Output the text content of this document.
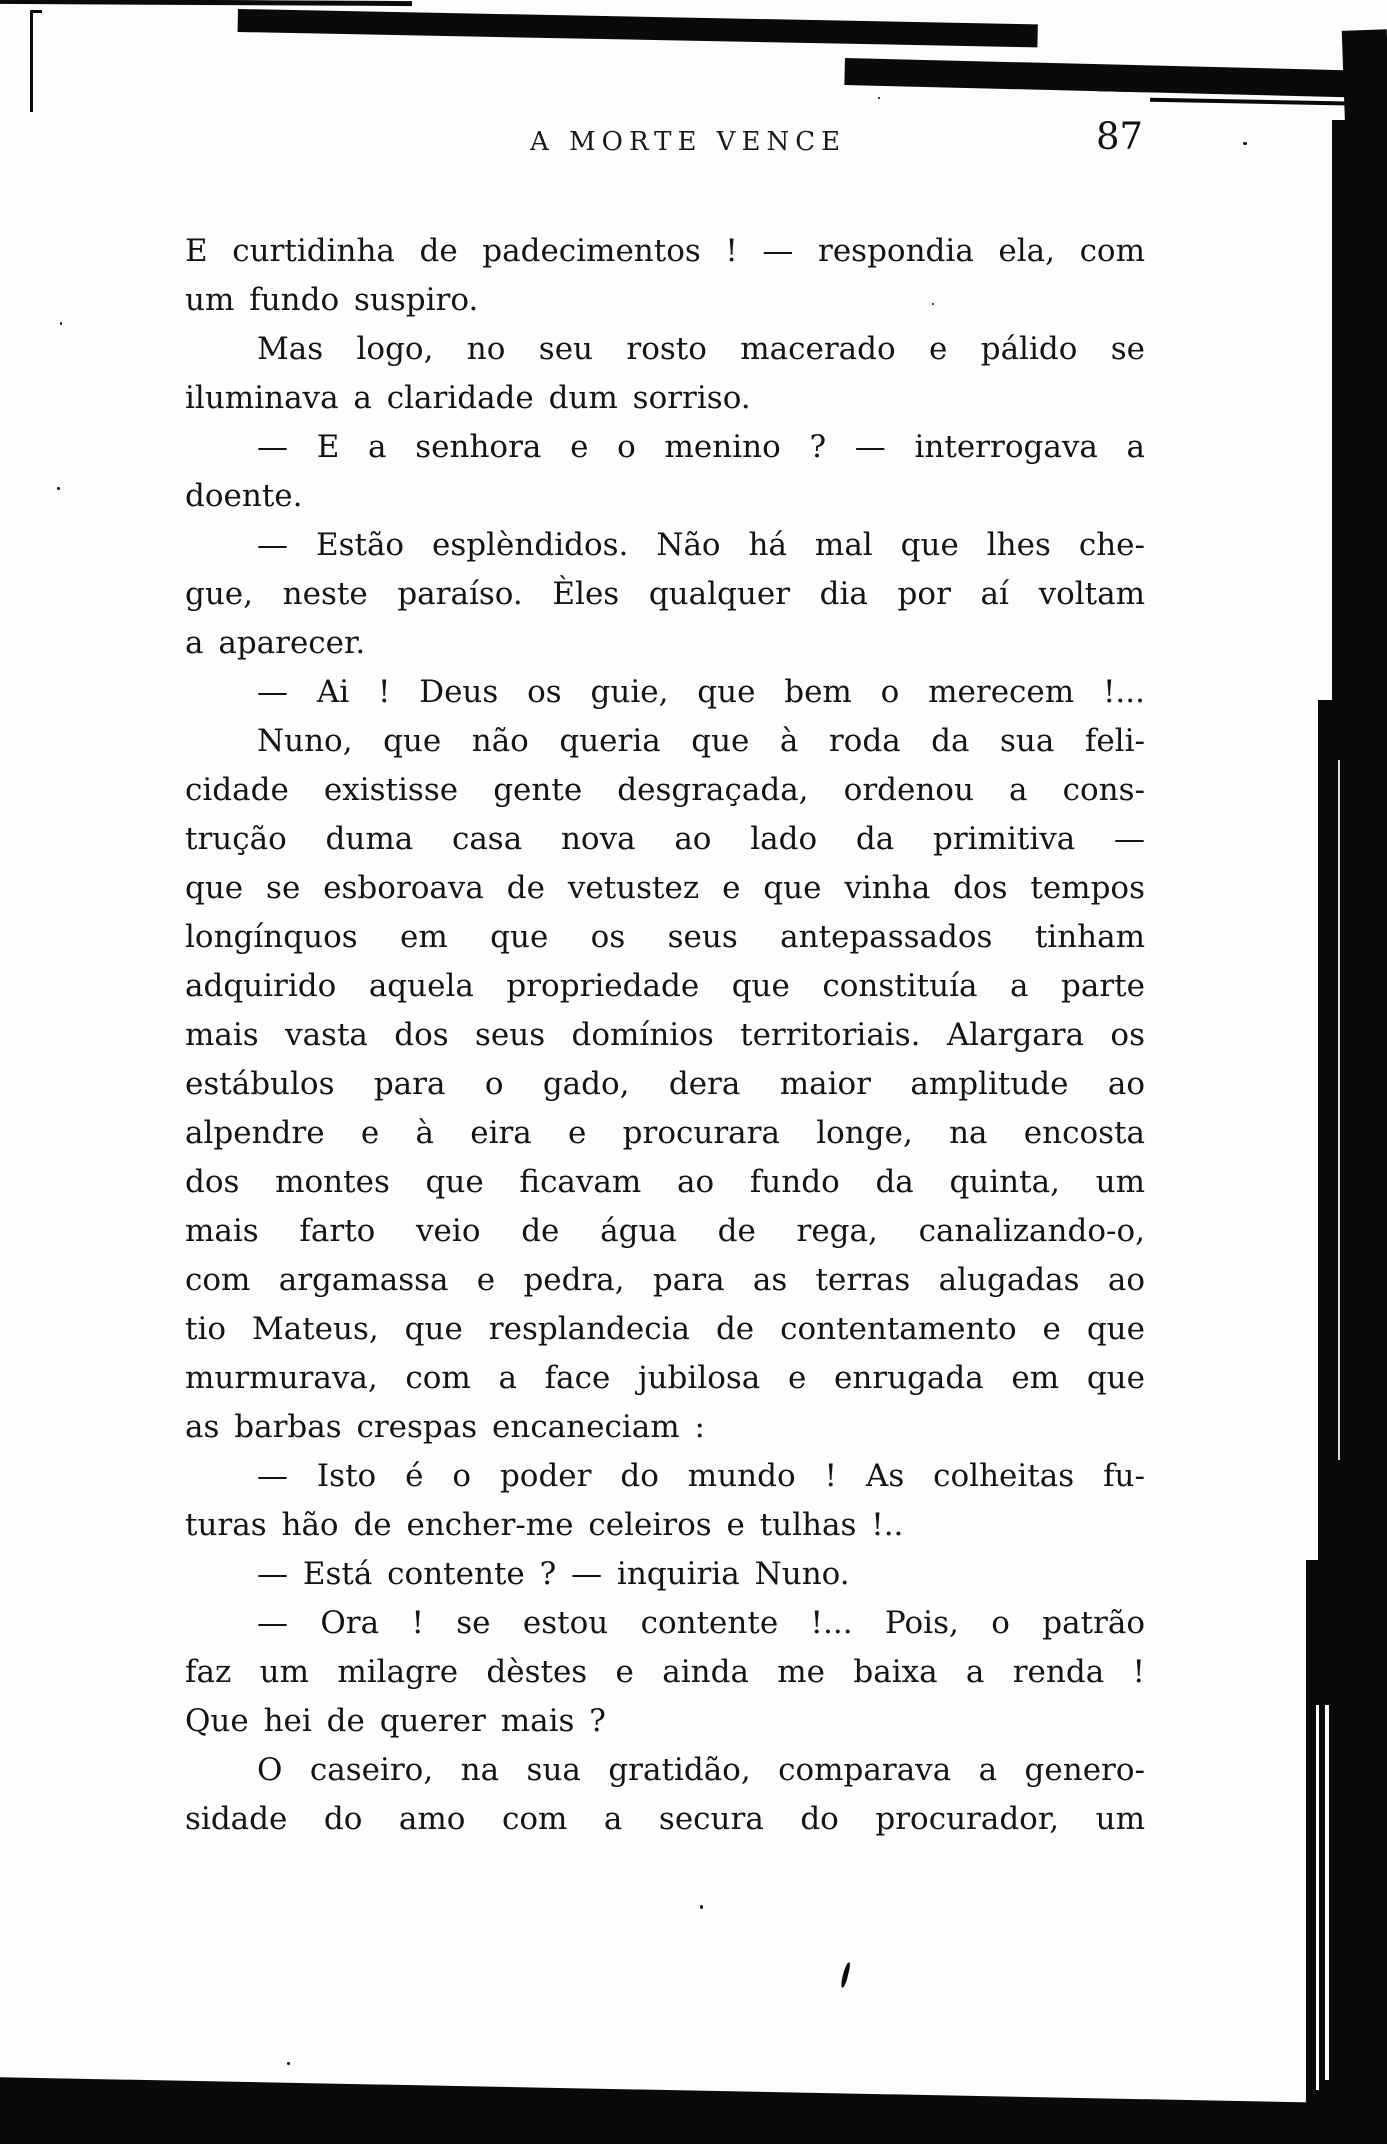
A MORTE VENCE	87
E curtidinha de padecimentos ! — respondia ela, com
um fundo suspiro.
Mas logo, no seu rosto macerado e pálido se
iluminava a claridade dum sorriso.
— E a senhora e o menino ? — interrogava a
doente.
— Estão esplèndidos. Não há mal que lhes che-
gue, neste paraíso. Èles qualquer dia por aí voltam
a aparecer.
— Ai ! Deus os guie, que bem o merecem !...
Nuno, que não queria que à roda da sua feli-
cidade existisse gente desgraçada, ordenou a cons-
trução duma casa nova ao lado da primitiva —
que se esboroava de vetustez e que vinha dos tempos
longínquos em que os seus antepassados tinham
adquirido aquela propriedade que constituía a parte
mais vasta dos seus domínios territoriais. Alargara os
estábulos para o gado, dera maior amplitude ao
alpendre e à eira e procurara longe, na encosta
dos montes que ficavam ao fundo da quinta, um
mais farto veio de água de rega, canalizando-o,
com argamassa e pedra, para as terras alugadas ao
tio Mateus, que resplandecia de contentamento e que
murmurava, com a face jubilosa e enrugada em que
as barbas crespas encaneciam :
— Isto é o poder do mundo ! As colheitas fu-
turas hão de encher-me celeiros e tulhas !..
— Está contente ? — inquiria Nuno.
— Ora ! se estou contente !... Pois, o patrão
faz um milagre dèstes e ainda me baixa a renda !
Que hei de querer mais ?
O caseiro, na sua gratidão, comparava a genero-
sidade do amo com a secura do procurador, um
